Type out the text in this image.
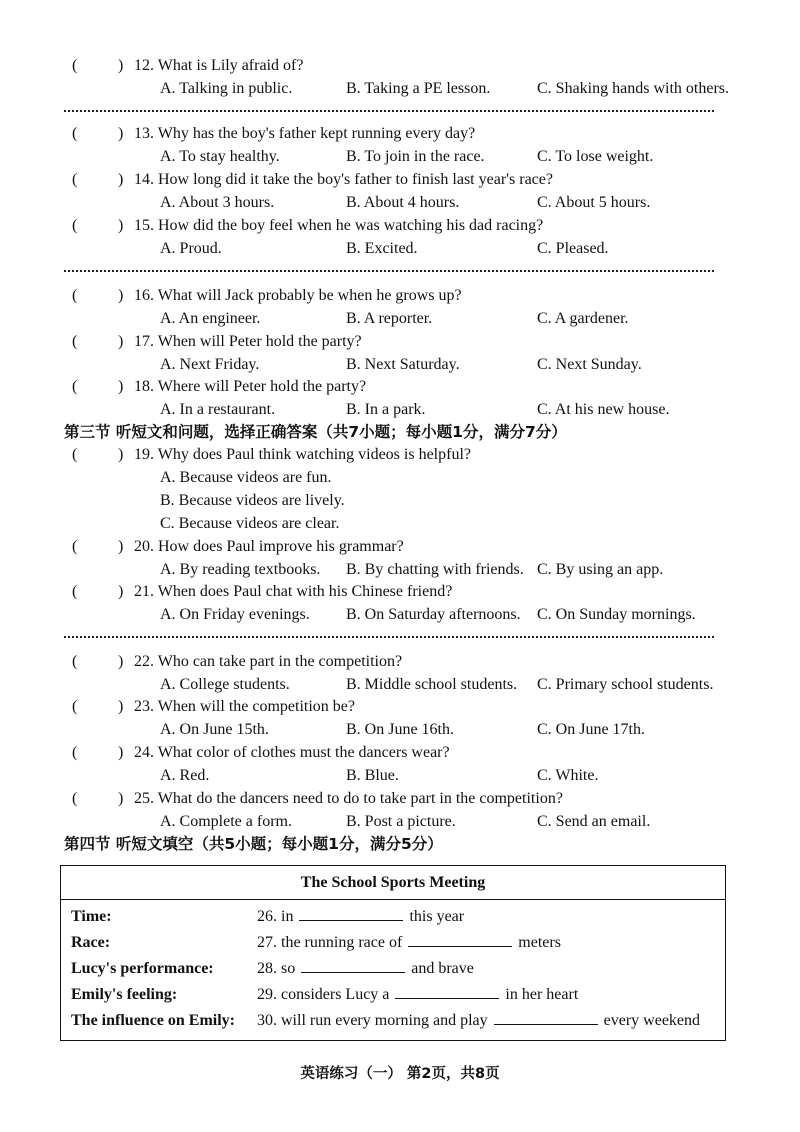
(	) 12. What is Lily afraid of?
A. Talking in public.	B. Taking a PE lesson.	C. Shaking hands with others.
(	) 13. Why has the boy's father kept running every day?
A. To stay healthy.	B. To join in the race.	C. To lose weight.
(	) 14. How long did it take the boy's father to finish last year's race?
A. About 3 hours.	B. About 4 hours.	C. About 5 hours.
(	) 15. How did the boy feel when he was watching his dad racing?
A. Proud.	B. Excited.	C. Pleased.
(	) 16. What will Jack probably be when he grows up?
A. An engineer.	B. A reporter.	C. A gardener.
(	) 17. When will Peter hold the party?
A. Next Friday.	B. Next Saturday.	C. Next Sunday.
(	) 18. Where will Peter hold the party?
A. In a restaurant.	B. In a park.	C. At his new house.
第三节 听短文和问题，选择正确答案（共7小题；每小题1分，满分7分）
(	) 19. Why does Paul think watching videos is helpful?
A. Because videos are fun.
B. Because videos are lively.
C. Because videos are clear.
(	) 20. How does Paul improve his grammar?
A. By reading textbooks. B. By chatting with friends. C. By using an app.
(	) 21. When does Paul chat with his Chinese friend?
A. On Friday evenings. B. On Saturday afternoons. C. On Sunday mornings.
(	) 22. Who can take part in the competition?
A. College students.	B. Middle school students. C. Primary school students.
(	) 23. When will the competition be?
A. On June 15th.	B. On June 16th.	C. On June 17th.
(	) 24. What color of clothes must the dancers wear?
A. Red.	B. Blue.	C. White.
(	) 25. What do the dancers need to do to take part in the competition?
A. Complete a form.	B. Post a picture.	C. Send an email.
第四节 听短文填空（共5小题；每小题1分，满分5分）
The School Sports Meeting
Time:	26. in	this year
Race:	27. the running race of	meters
Lucy's performance:	28. so	and brave
Emily's feeling:	29. considers Lucy a	in her heart
The influence on Emily: 30. will run every morning and play	every weekend
英语练习（一） 第2页，共8页
